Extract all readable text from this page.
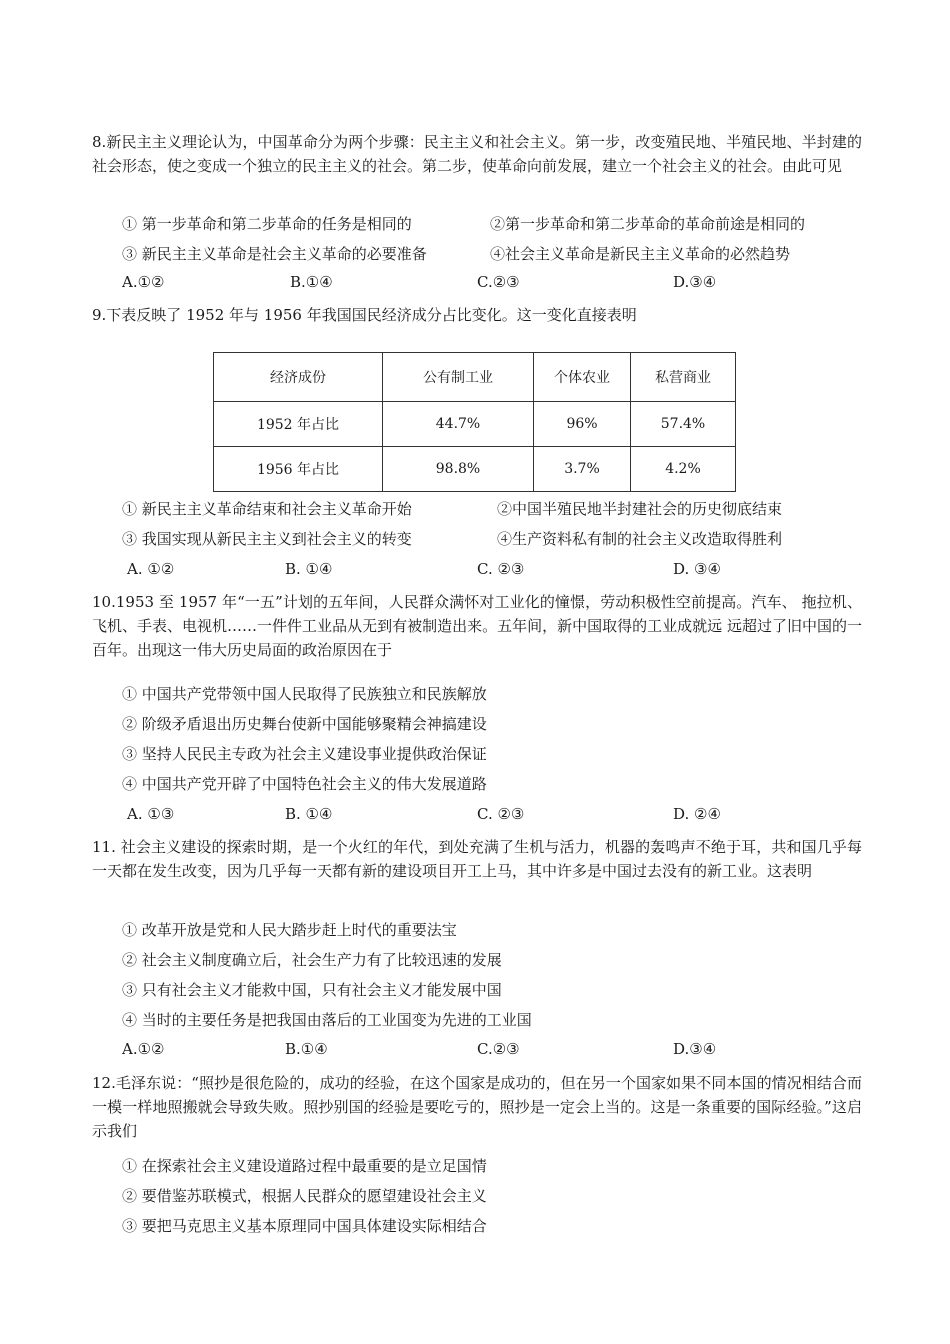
8.新民主主义理论认为，中国革命分为两个步骤：民主主义和社会主义。第一步，改变殖民地、半殖民地、半封建的社会形态，使之变成一个独立的民主主义的社会。第二步，使革命向前发展，建立一个社会主义的社会。由此可见
① 第一步革命和第二步革命的任务是相同的	②第一步革命和第二步革命的革命前途是相同的
③ 新民主主义革命是社会主义革命的必要准备	④社会主义革命是新民主主义革命的必然趋势
A.①②	B.①④	C.②③	D.③④
9.下表反映了 1952 年与 1956 年我国国民经济成分占比变化。这一变化直接表明
经济成份	公有制工业	个体农业	私营商业
1952 年占比	44.7%	96%	57.4%
1956 年占比	98.8%	3.7%	4.2%
① 新民主主义革命结束和社会主义革命开始	②中国半殖民地半封建社会的历史彻底结束
③ 我国实现从新民主主义到社会主义的转变	④生产资料私有制的社会主义改造取得胜利
A. ①②	B. ①④	C. ②③	D. ③④
10.1953 至 1957 年“一五”计划的五年间，人民群众满怀对工业化的憧憬，劳动积极性空前提高。汽车、 拖拉机、飞机、手表、电视机……一件件工业品从无到有被制造出来。五年间，新中国取得的工业成就远 远超过了旧中国的一百年。出现这一伟大历史局面的政治原因在于
① 中国共产党带领中国人民取得了民族独立和民族解放
② 阶级矛盾退出历史舞台使新中国能够聚精会神搞建设
③ 坚持人民民主专政为社会主义建设事业提供政治保证
④ 中国共产党开辟了中国特色社会主义的伟大发展道路
A. ①③	B. ①④	C. ②③	D. ②④
11. 社会主义建设的探索时期，是一个火红的年代，到处充满了生机与活力，机器的轰鸣声不绝于耳，共和国几乎每一天都在发生改变，因为几乎每一天都有新的建设项目开工上马，其中许多是中国过去没有的新工业。这表明
① 改革开放是党和人民大踏步赶上时代的重要法宝
② 社会主义制度确立后，社会生产力有了比较迅速的发展
③ 只有社会主义才能救中国，只有社会主义才能发展中国
④ 当时的主要任务是把我国由落后的工业国变为先进的工业国
A.①②	B.①④	C.②③	D.③④
12.毛泽东说：“照抄是很危险的，成功的经验，在这个国家是成功的，但在另一个国家如果不同本国的情况相结合而一模一样地照搬就会导致失败。照抄别国的经验是要吃亏的，照抄是一定会上当的。这是一条重要的国际经验。”这启示我们
① 在探索社会主义建设道路过程中最重要的是立足国情
② 要借鉴苏联模式，根据人民群众的愿望建设社会主义
③ 要把马克思主义基本原理同中国具体建设实际相结合
